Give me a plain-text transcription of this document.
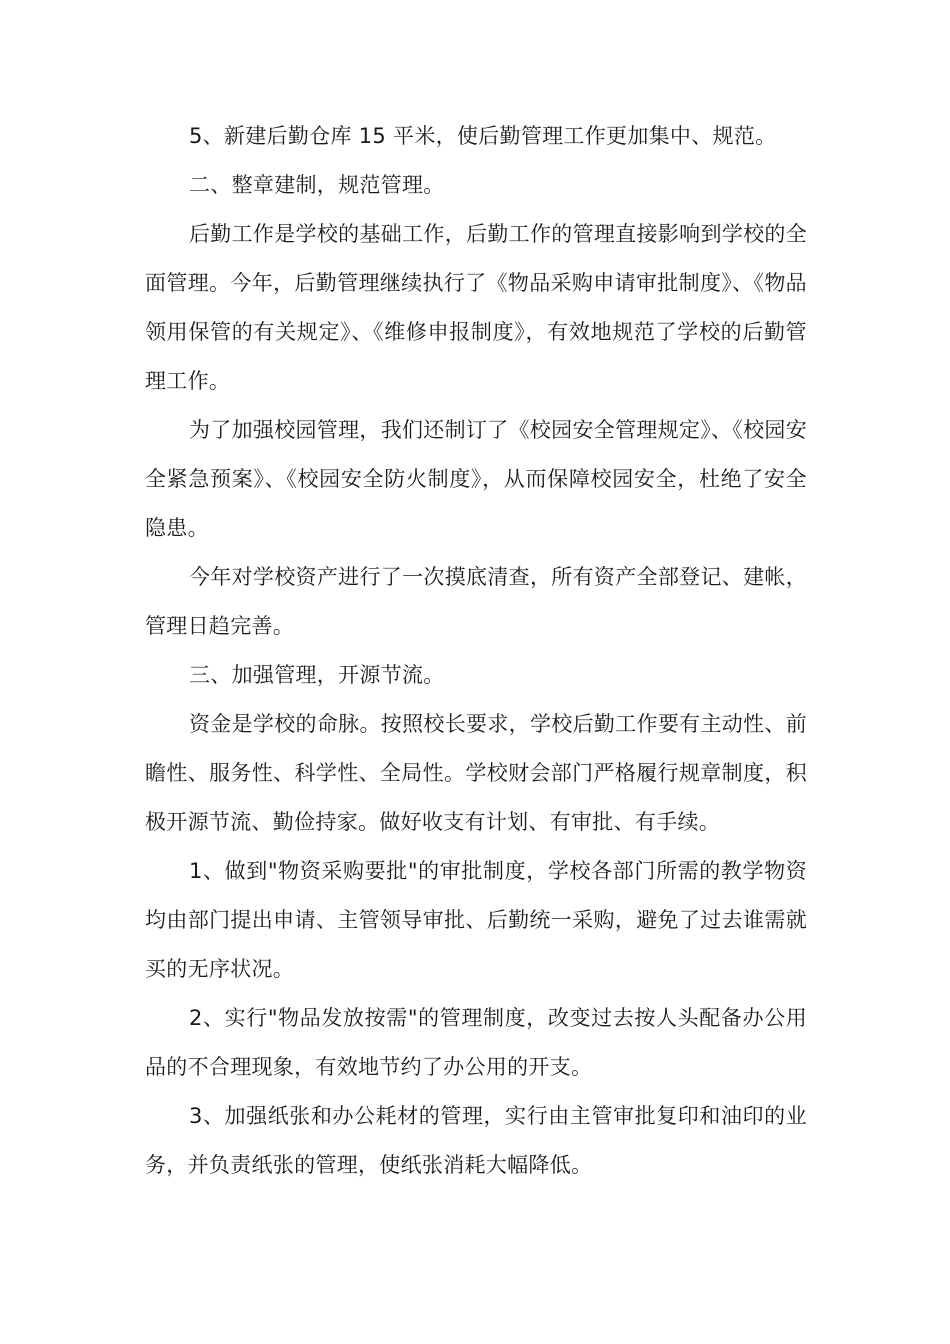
5、新建后勤仓库 15 平米，使后勤管理工作更加集中、规范。

二、整章建制，规范管理。

后勤工作是学校的基础工作，后勤工作的管理直接影响到学校的全面管理。今年，后勤管理继续执行了《物品采购申请审批制度》、《物品领用保管的有关规定》、《维修申报制度》，有效地规范了学校的后勤管理工作。

为了加强校园管理，我们还制订了《校园安全管理规定》、《校园安全紧急预案》、《校园安全防火制度》，从而保障校园安全，杜绝了安全隐患。

今年对学校资产进行了一次摸底清查，所有资产全部登记、建帐，管理日趋完善。

三、加强管理，开源节流。

资金是学校的命脉。按照校长要求，学校后勤工作要有主动性、前瞻性、服务性、科学性、全局性。学校财会部门严格履行规章制度，积极开源节流、勤俭持家。做好收支有计划、有审批、有手续。

1、做到"物资采购要批"的审批制度，学校各部门所需的教学物资均由部门提出申请、主管领导审批、后勤统一采购，避免了过去谁需就买的无序状况。

2、实行"物品发放按需"的管理制度，改变过去按人头配备办公用品的不合理现象，有效地节约了办公用的开支。

3、加强纸张和办公耗材的管理，实行由主管审批复印和油印的业务，并负责纸张的管理，使纸张消耗大幅降低。
